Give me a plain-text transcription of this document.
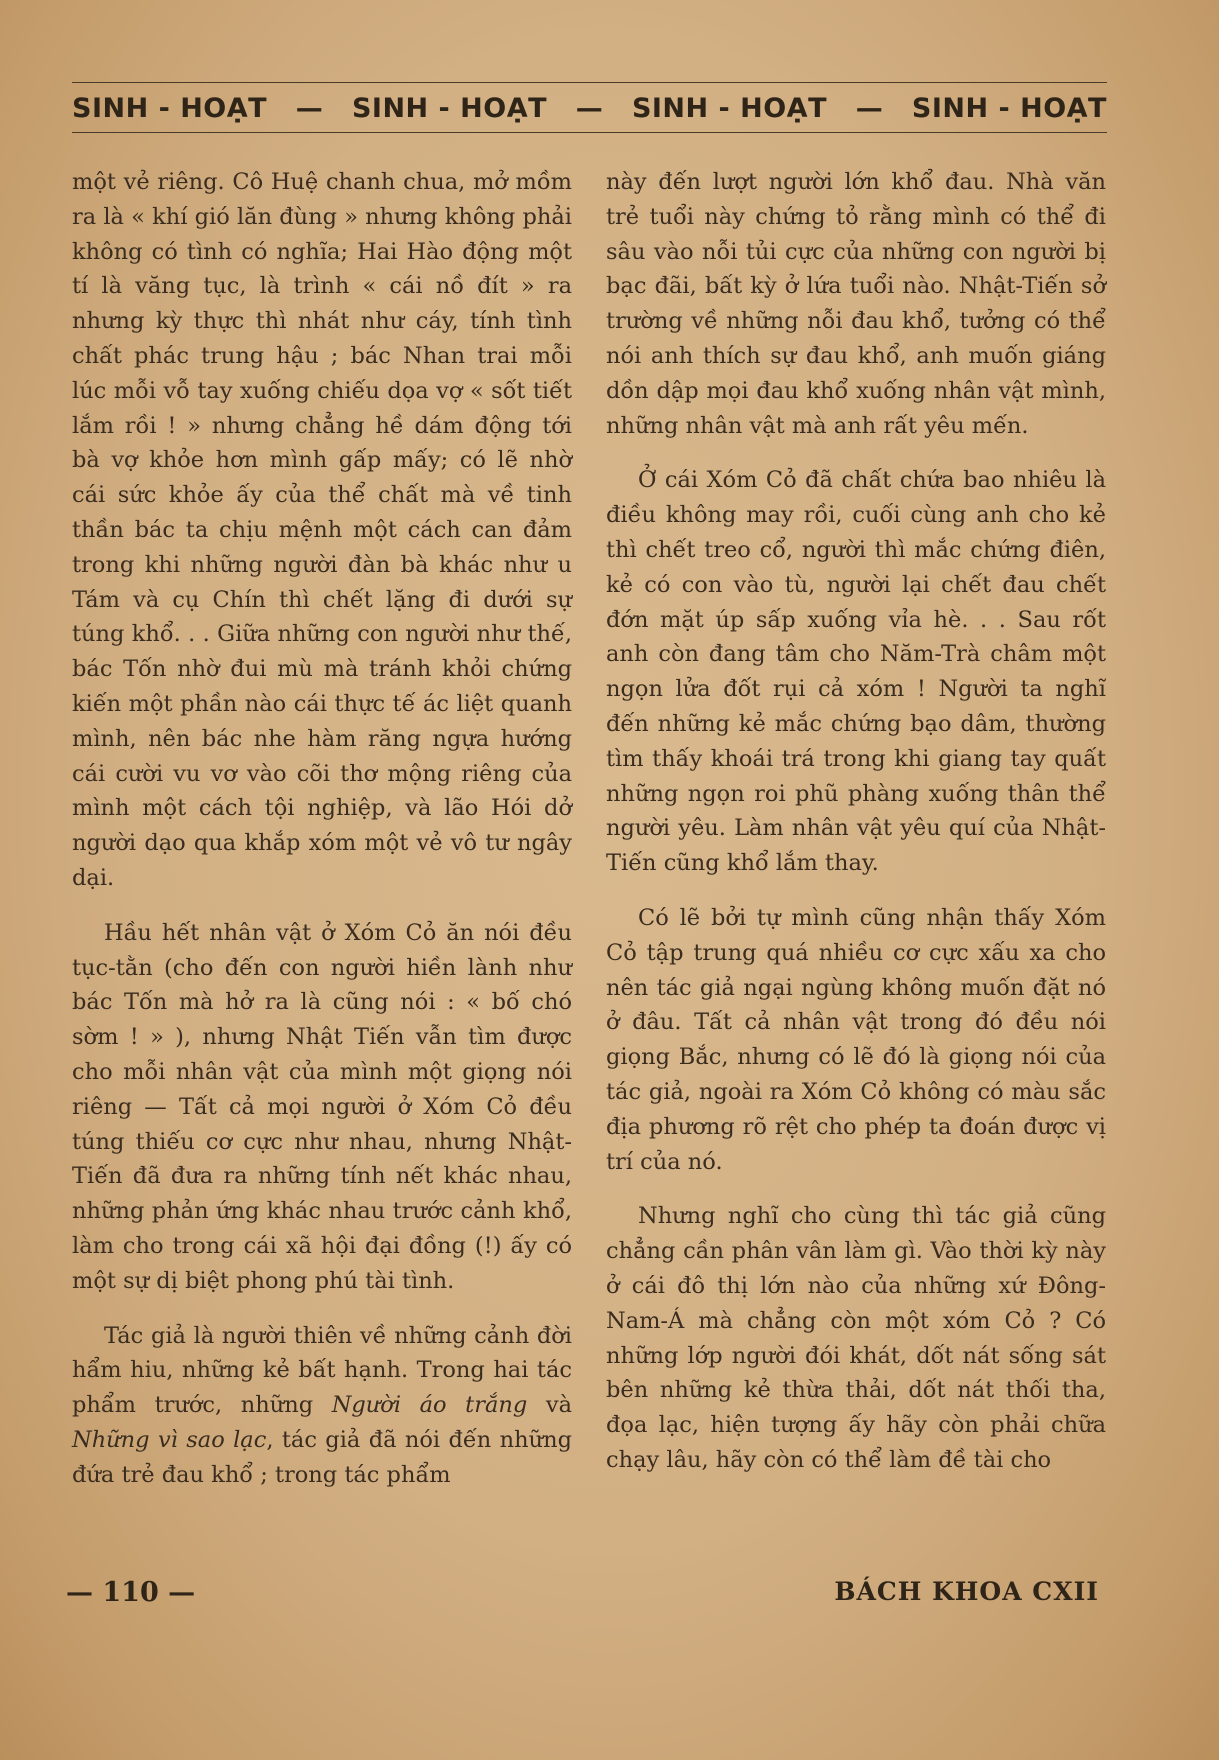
SINH - HOẠT — SINH - HOẠT — SINH - HOẠT — SINH - HOẠT

một vẻ riêng. Cô Huệ chanh chua, mở mồm ra là « khí gió lăn đùng » nhưng không phải không có tình có nghĩa; Hai Hào động một tí là văng tục, là trình « cái nồ đít » ra nhưng kỳ thực thì nhát như cáy, tính tình chất phác trung hậu ; bác Nhan trai mỗi lúc mỗi vỗ tay xuống chiếu dọa vợ « sốt tiết lắm rồi ! » nhưng chẳng hề dám động tới bà vợ khỏe hơn mình gấp mấy; có lẽ nhờ cái sức khỏe ấy của thể chất mà về tinh thần bác ta chịu mệnh một cách can đảm trong khi những người đàn bà khác như u Tám và cụ Chín thì chết lặng đi dưới sự túng khổ. . . Giữa những con người như thế, bác Tốn nhờ đui mù mà tránh khỏi chứng kiến một phần nào cái thực tế ác liệt quanh mình, nên bác nhe hàm răng ngựa hướng cái cười vu vơ vào cõi thơ mộng riêng của mình một cách tội nghiệp, và lão Hói dở người dạo qua khắp xóm một vẻ vô tư ngây dại.

Hầu hết nhân vật ở Xóm Cỏ ăn nói đều tục-tằn (cho đến con người hiền lành như bác Tốn mà hở ra là cũng nói : « bố chó sờm ! » ), nhưng Nhật Tiến vẫn tìm được cho mỗi nhân vật của mình một giọng nói riêng — Tất cả mọi người ở Xóm Cỏ đều túng thiếu cơ cực như nhau, nhưng Nhật-Tiến đã đưa ra những tính nết khác nhau, những phản ứng khác nhau trước cảnh khổ, làm cho trong cái xã hội đại đồng (!) ấy có một sự dị biệt phong phú tài tình.

Tác giả là người thiên về những cảnh đời hẩm hiu, những kẻ bất hạnh. Trong hai tác phẩm trước, những Người áo trắng và Những vì sao lạc, tác giả đã nói đến những đứa trẻ đau khổ ; trong tác phẩm

này đến lượt người lớn khổ đau. Nhà văn trẻ tuổi này chứng tỏ rằng mình có thể đi sâu vào nỗi tủi cực của những con người bị bạc đãi, bất kỳ ở lứa tuổi nào. Nhật-Tiến sở trường về những nỗi đau khổ, tưởng có thể nói anh thích sự đau khổ, anh muốn giáng dồn dập mọi đau khổ xuống nhân vật mình, những nhân vật mà anh rất yêu mến.

Ở cái Xóm Cỏ đã chất chứa bao nhiêu là điều không may rồi, cuối cùng anh cho kẻ thì chết treo cổ, người thì mắc chứng điên, kẻ có con vào tù, người lại chết đau chết đớn mặt úp sấp xuống vỉa hè. . . Sau rốt anh còn đang tâm cho Năm-Trà châm một ngọn lửa đốt rụi cả xóm ! Người ta nghĩ đến những kẻ mắc chứng bạo dâm, thường tìm thấy khoái trá trong khi giang tay quất những ngọn roi phũ phàng xuống thân thể người yêu. Làm nhân vật yêu quí của Nhật-Tiến cũng khổ lắm thay.

Có lẽ bởi tự mình cũng nhận thấy Xóm Cỏ tập trung quá nhiều cơ cực xấu xa cho nên tác giả ngại ngùng không muốn đặt nó ở đâu. Tất cả nhân vật trong đó đều nói giọng Bắc, nhưng có lẽ đó là giọng nói của tác giả, ngoài ra Xóm Cỏ không có màu sắc địa phương rõ rệt cho phép ta đoán được vị trí của nó.

Nhưng nghĩ cho cùng thì tác giả cũng chẳng cần phân vân làm gì. Vào thời kỳ này ở cái đô thị lớn nào của những xứ Đông-Nam-Á mà chẳng còn một xóm Cỏ ? Có những lớp người đói khát, dốt nát sống sát bên những kẻ thừa thải, dốt nát thối tha, đọa lạc, hiện tượng ấy hãy còn phải chữa chạy lâu, hãy còn có thể làm đề tài cho

— 110 —	BÁCH KHOA CXII
